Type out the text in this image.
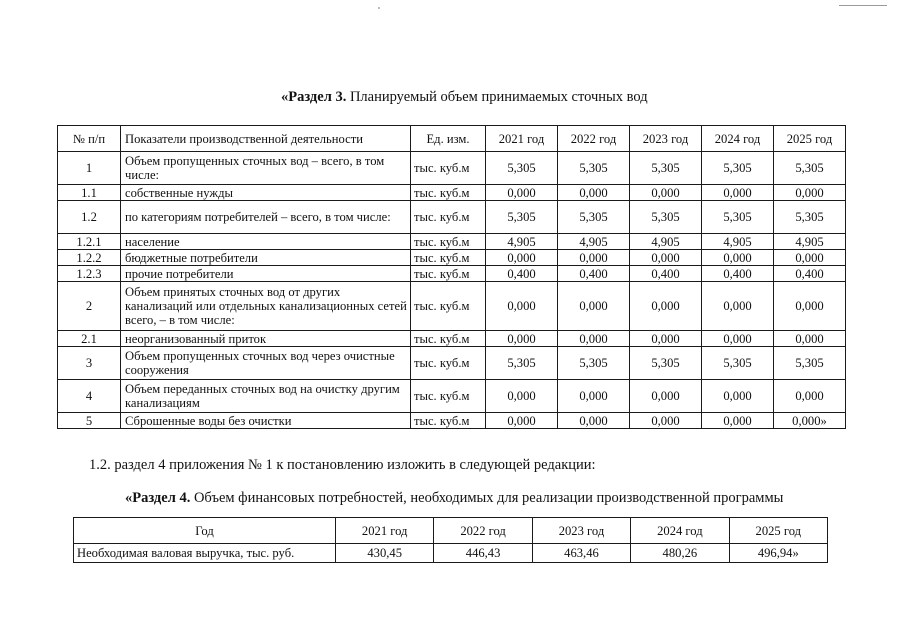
«Раздел 3. Планируемый объем принимаемых сточных вод
№ п/п	Показатели производственной деятельности	Ед. изм.	2021 год	2022 год	2023 год	2024 год	2025 год
1	Объем пропущенных сточных вод – всего, в том числе:	тыс. куб.м	5,305	5,305	5,305	5,305	5,305
1.1	собственные нужды	тыс. куб.м	0,000	0,000	0,000	0,000	0,000
1.2	по категориям потребителей – всего, в том числе:	тыс. куб.м	5,305	5,305	5,305	5,305	5,305
1.2.1	население	тыс. куб.м	4,905	4,905	4,905	4,905	4,905
1.2.2	бюджетные потребители	тыс. куб.м	0,000	0,000	0,000	0,000	0,000
1.2.3	прочие потребители	тыс. куб.м	0,400	0,400	0,400	0,400	0,400
2	Объем принятых сточных вод от других канализаций или отдельных канализационных сетей всего, – в том числе:	тыс. куб.м	0,000	0,000	0,000	0,000	0,000
2.1	неорганизованный приток	тыс. куб.м	0,000	0,000	0,000	0,000	0,000
3	Объем пропущенных сточных вод через очистные сооружения	тыс. куб.м	5,305	5,305	5,305	5,305	5,305
4	Объем переданных сточных вод на очистку другим канализациям	тыс. куб.м	0,000	0,000	0,000	0,000	0,000
5	Сброшенные воды без очистки	тыс. куб.м	0,000	0,000	0,000	0,000	0,000»
1.2. раздел 4 приложения № 1 к постановлению изложить в следующей редакции:
«Раздел 4. Объем финансовых потребностей, необходимых для реализации производственной программы
Год	2021 год	2022 год	2023 год	2024 год	2025 год
Необходимая валовая выручка, тыс. руб.	430,45	446,43	463,46	480,26	496,94»
